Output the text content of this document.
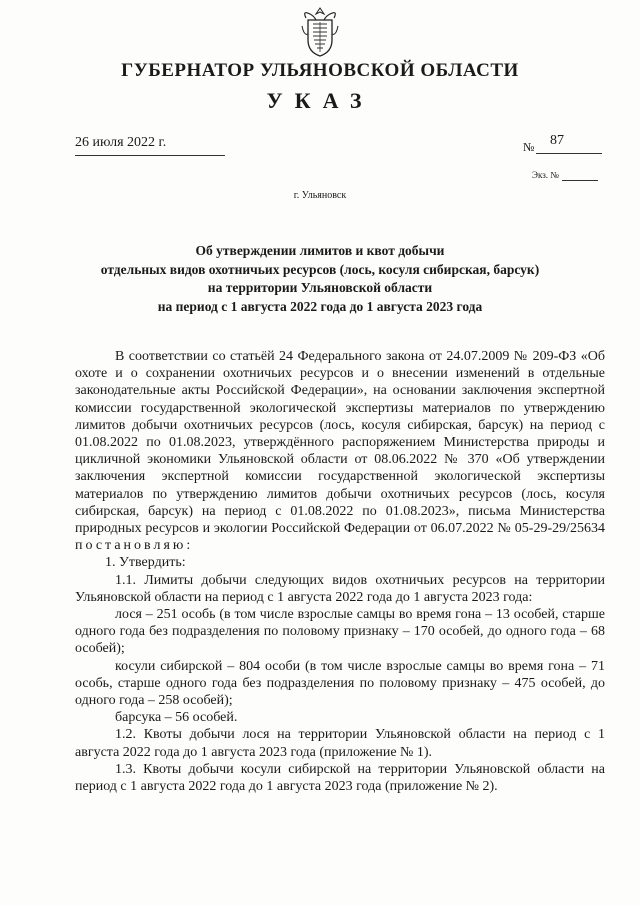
ГУБЕРНАТОР УЛЬЯНОВСКОЙ ОБЛАСТИ
УКАЗ
26 июля 2022 г.	№ 87
Экз. №
г. Ульяновск
Об утверждении лимитов и квот добычи
отдельных видов охотничьих ресурсов (лось, косуля сибирская, барсук)
на территории Ульяновской области
на период с 1 августа 2022 года до 1 августа 2023 года

В соответствии со статьёй 24 Федерального закона от 24.07.2009 № 209-ФЗ «Об охоте и о сохранении охотничьих ресурсов и о внесении изменений в отдельные законодательные акты Российской Федерации», на основании заключения экспертной комиссии государственной экологической экспертизы материалов по утверждению лимитов добычи охотничьих ресурсов (лось, косуля сибирская, барсук) на период с 01.08.2022 по 01.08.2023, утверждённого распоряжением Министерства природы и цикличной экономики Ульяновской области от 08.06.2022 № 370 «Об утверждении заключения экспертной комиссии государственной экологической экспертизы материалов по утверждению лимитов добычи охотничьих ресурсов (лось, косуля сибирская, барсук) на период с 01.08.2022 по 01.08.2023», письма Министерства природных ресурсов и экологии Российской Федерации от 06.07.2022 № 05-29-29/25634 постановляю:

1. Утвердить:

1.1. Лимиты добычи следующих видов охотничьих ресурсов на территории Ульяновской области на период с 1 августа 2022 года до 1 августа 2023 года:

лося – 251 особь (в том числе взрослые самцы во время гона – 13 особей, старше одного года без подразделения по половому признаку – 170 особей, до одного года – 68 особей);

косули сибирской – 804 особи (в том числе взрослые самцы во время гона – 71 особь, старше одного года без подразделения по половому признаку – 475 особей, до одного года – 258 особей);

барсука – 56 особей.

1.2. Квоты добычи лося на территории Ульяновской области на период с 1 августа 2022 года до 1 августа 2023 года (приложение № 1).

1.3. Квоты добычи косули сибирской на территории Ульяновской области на период с 1 августа 2022 года до 1 августа 2023 года (приложение № 2).
